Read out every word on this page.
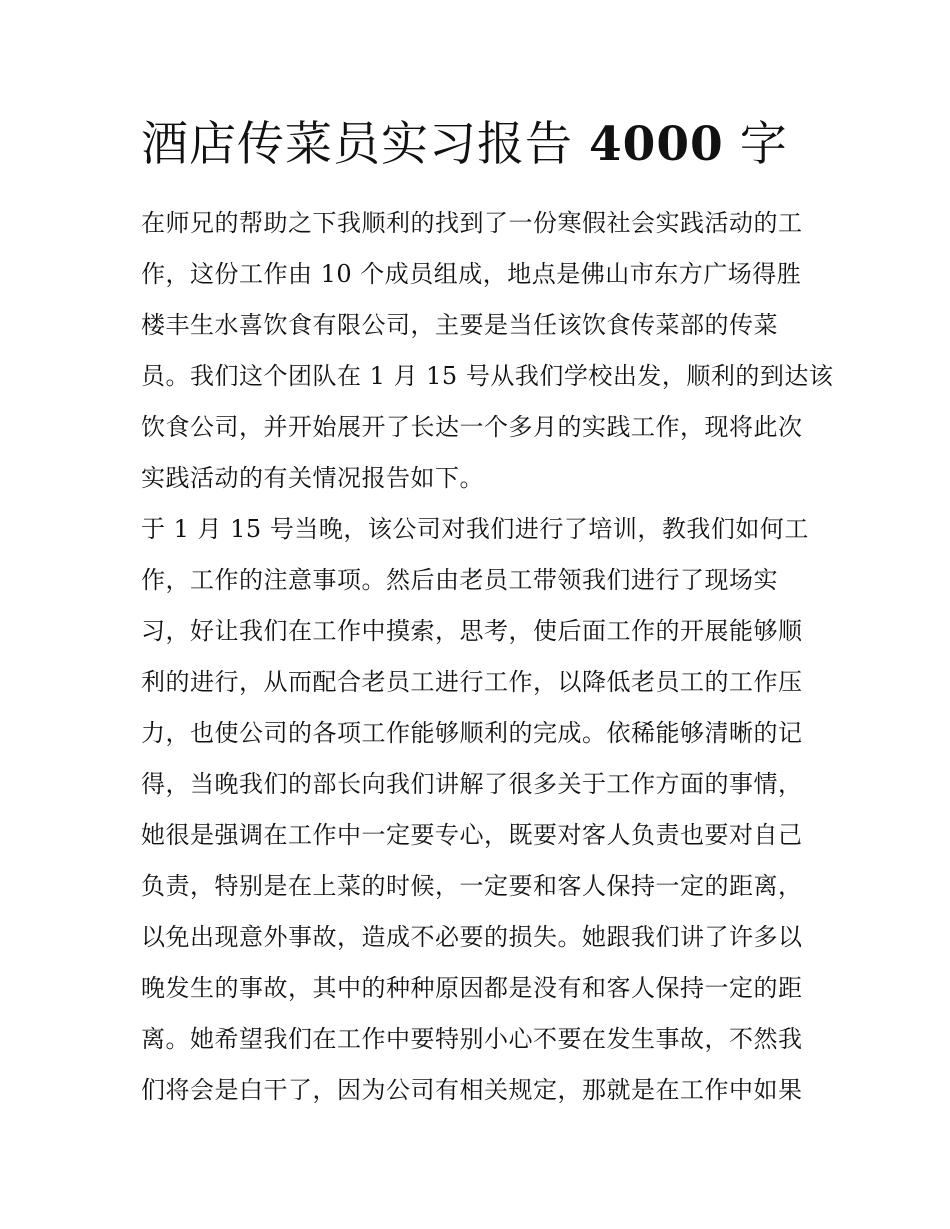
酒店传菜员实习报告 4000 字

在师兄的帮助之下我顺利的找到了一份寒假社会实践活动的工
作，这份工作由 10 个成员组成，地点是佛山市东方广场得胜
楼丰生水喜饮食有限公司，主要是当任该饮食传菜部的传菜
员。我们这个团队在 1 月 15 号从我们学校出发，顺利的到达该
饮食公司，并开始展开了长达一个多月的实践工作，现将此次
实践活动的有关情况报告如下。

于 1 月 15 号当晚，该公司对我们进行了培训，教我们如何工
作，工作的注意事项。然后由老员工带领我们进行了现场实
习，好让我们在工作中摸索，思考，使后面工作的开展能够顺
利的进行，从而配合老员工进行工作，以降低老员工的工作压
力，也使公司的各项工作能够顺利的完成。依稀能够清晰的记
得，当晚我们的部长向我们讲解了很多关于工作方面的事情，
她很是强调在工作中一定要专心，既要对客人负责也要对自己
负责，特别是在上菜的时候，一定要和客人保持一定的距离，
以免出现意外事故，造成不必要的损失。她跟我们讲了许多以
晚发生的事故，其中的种种原因都是没有和客人保持一定的距
离。她希望我们在工作中要特别小心不要在发生事故，不然我
们将会是白干了，因为公司有相关规定，那就是在工作中如果
